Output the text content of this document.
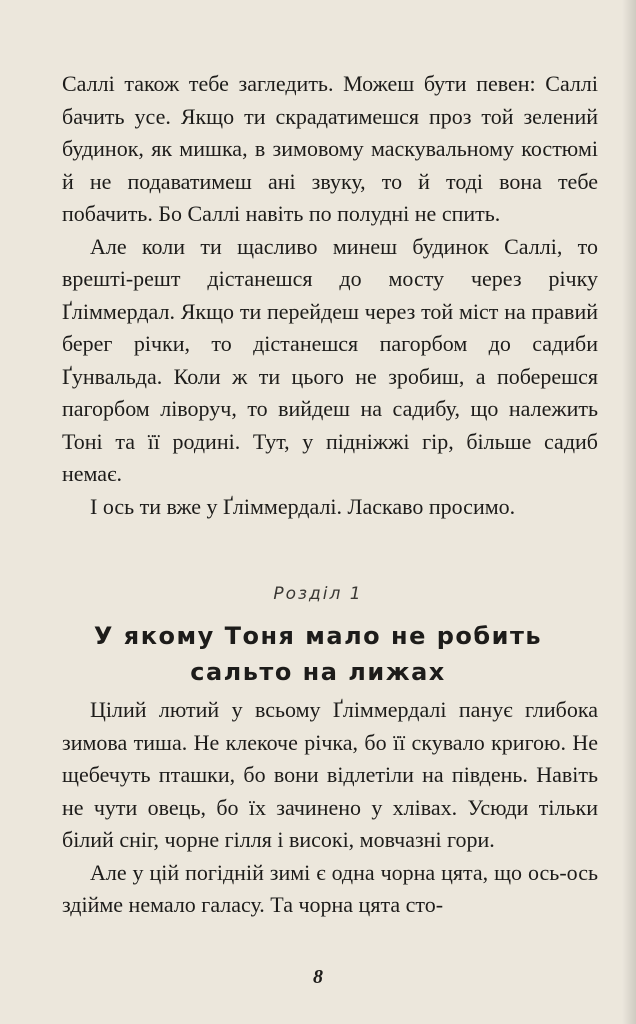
Саллі також тебе загледить. Можеш бути певен: Саллі бачить усе. Якщо ти скрадатимешся проз той зелений будинок, як мишка, в зимовому маскувальному костюмі й не подаватимеш ані звуку, то й тоді вона тебе побачить. Бо Саллі навіть по полудні не спить.

Але коли ти щасливо минеш будинок Саллі, то врешті-решт дістанешся до мосту через річку Ґліммердал. Якщо ти перейдеш через той міст на правий берег річки, то дістанешся пагорбом до садиби Ґунвальда. Коли ж ти цього не зробиш, а поберешся пагорбом ліворуч, то вийдеш на садибу, що належить Тоні та її родині. Тут, у підніжжі гір, більше садиб немає.

І ось ти вже у Ґліммердалі. Ласкаво просимо.

Розділ 1
У якому Тоня мало не робить сальто на лижах

Цілий лютий у всьому Ґліммердалі панує глибока зимова тиша. Не клекоче річка, бо її скувало кригою. Не щебечуть пташки, бо вони відлетіли на південь. Навіть не чути овець, бо їх зачинено у хлівах. Усюди тільки білий сніг, чорне гілля і високі, мовчазні гори.

Але у цій погідній зимі є одна чорна цята, що ось-ось здійме немало галасу. Та чорна цята сто-

8
